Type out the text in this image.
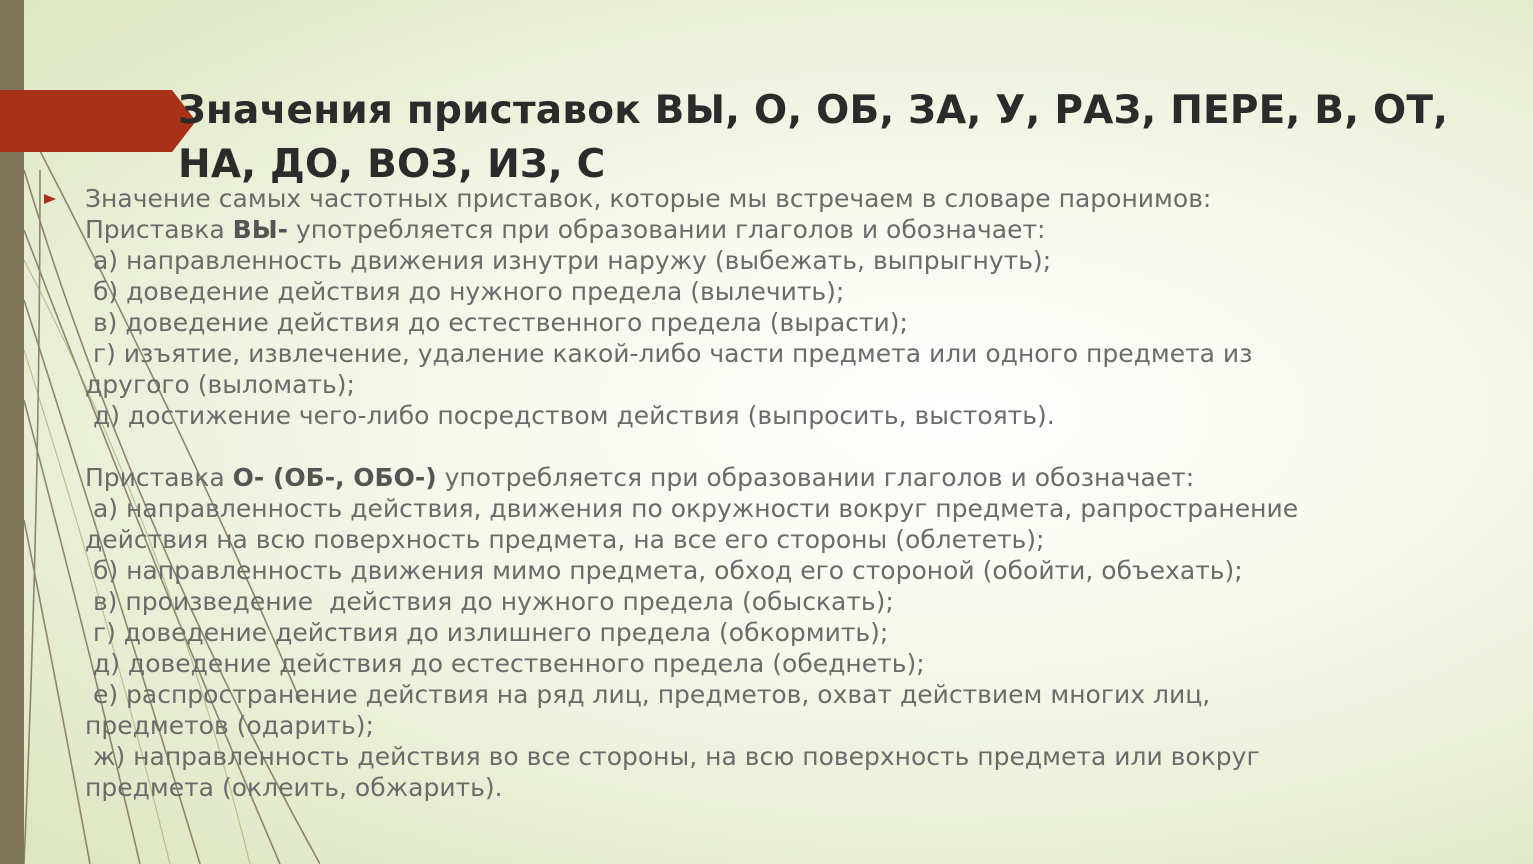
Значения приставок ВЫ, О, ОБ, ЗА, У, РАЗ, ПЕРЕ, В, ОТ, НА, ДО, ВОЗ, ИЗ, С
Значение самых частотных приставок, которые мы встречаем в словаре паронимов:
Приставка ВЫ- употребляется при образовании глаголов и обозначает:
а) направленность движения изнутри наружу (выбежать, выпрыгнуть);
б) доведение действия до нужного предела (вылечить);
в) доведение действия до естественного предела (вырасти);
г) изъятие, извлечение, удаление какой-либо части предмета или одного предмета из
другого (выломать);
д) достижение чего-либо посредством действия (выпросить, выстоять).
Приставка О- (ОБ-, ОБО-) употребляется при образовании глаголов и обозначает:
а) направленность действия, движения по окружности вокруг предмета, рапространение
действия на всю поверхность предмета, на все его стороны (облететь);
б) направленность движения мимо предмета, обход его стороной (обойти, объехать);
в) произведение  действия до нужного предела (обыскать);
г) доведение действия до излишнего предела (обкормить);
д) доведение действия до естественного предела (обеднеть);
е) распространение действия на ряд лиц, предметов, охват действием многих лиц,
предметов (одарить);
ж) направленность действия во все стороны, на всю поверхность предмета или вокруг
предмета (оклеить, обжарить).
